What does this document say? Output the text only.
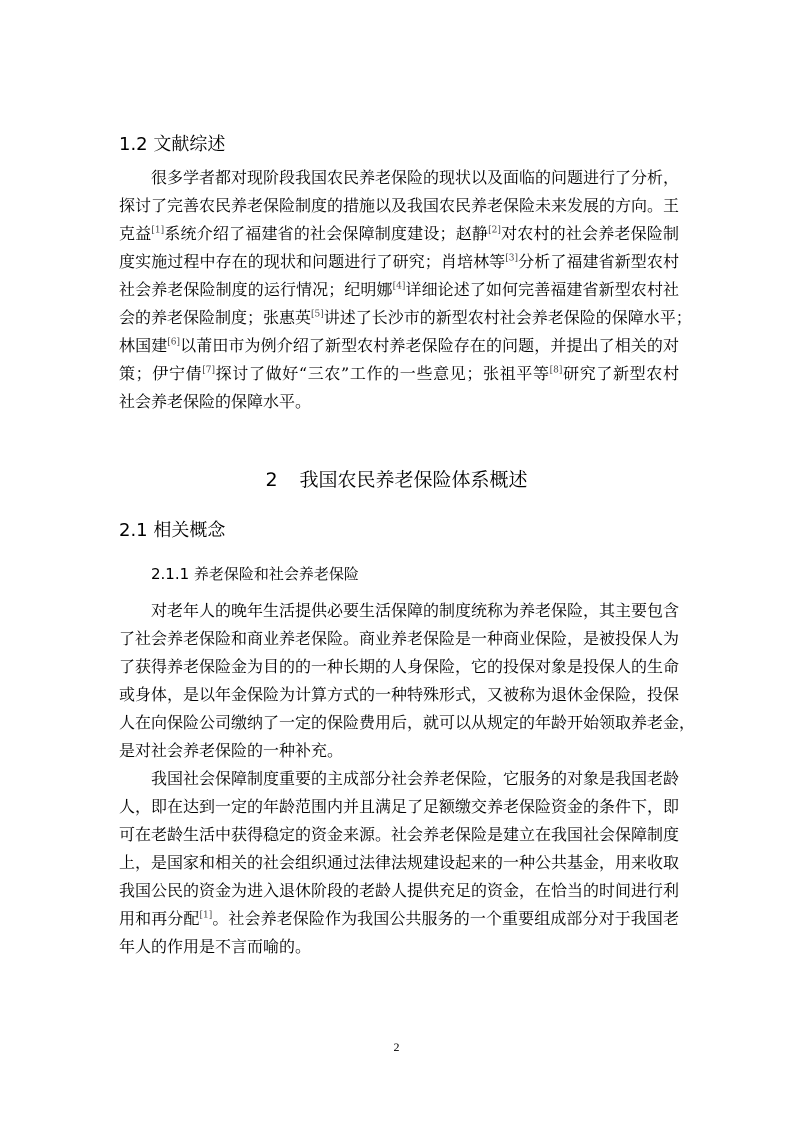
1.2 文献综述

很多学者都对现阶段我国农民养老保险的现状以及面临的问题进行了分析，
探讨了完善农民养老保险制度的措施以及我国农民养老保险未来发展的方向。王
克益[1]系统介绍了福建省的社会保障制度建设；赵静[2]对农村的社会养老保险制
度实施过程中存在的现状和问题进行了研究；肖培林等[3]分析了福建省新型农村
社会养老保险制度的运行情况；纪明娜[4]详细论述了如何完善福建省新型农村社
会的养老保险制度；张惠英[5]讲述了长沙市的新型农村社会养老保险的保障水平；
林国建[6]以莆田市为例介绍了新型农村养老保险存在的问题，并提出了相关的对
策；伊宁倩[7]探讨了做好“三农”工作的一些意见；张祖平等[8]研究了新型农村
社会养老保险的保障水平。

2 我国农民养老保险体系概述
2.1 相关概念
2.1.1 养老保险和社会养老保险

对老年人的晚年生活提供必要生活保障的制度统称为养老保险，其主要包含
了社会养老保险和商业养老保险。商业养老保险是一种商业保险，是被投保人为
了获得养老保险金为目的的一种长期的人身保险，它的投保对象是投保人的生命
或身体，是以年金保险为计算方式的一种特殊形式，又被称为退休金保险，投保
人在向保险公司缴纳了一定的保险费用后，就可以从规定的年龄开始领取养老金，
是对社会养老保险的一种补充。

我国社会保障制度重要的主成部分社会养老保险，它服务的对象是我国老龄
人，即在达到一定的年龄范围内并且满足了足额缴交养老保险资金的条件下，即
可在老龄生活中获得稳定的资金来源。社会养老保险是建立在我国社会保障制度
上，是国家和相关的社会组织通过法律法规建设起来的一种公共基金，用来收取
我国公民的资金为进入退休阶段的老龄人提供充足的资金，在恰当的时间进行利
用和再分配[1]。社会养老保险作为我国公共服务的一个重要组成部分对于我国老
年人的作用是不言而喻的。

2
